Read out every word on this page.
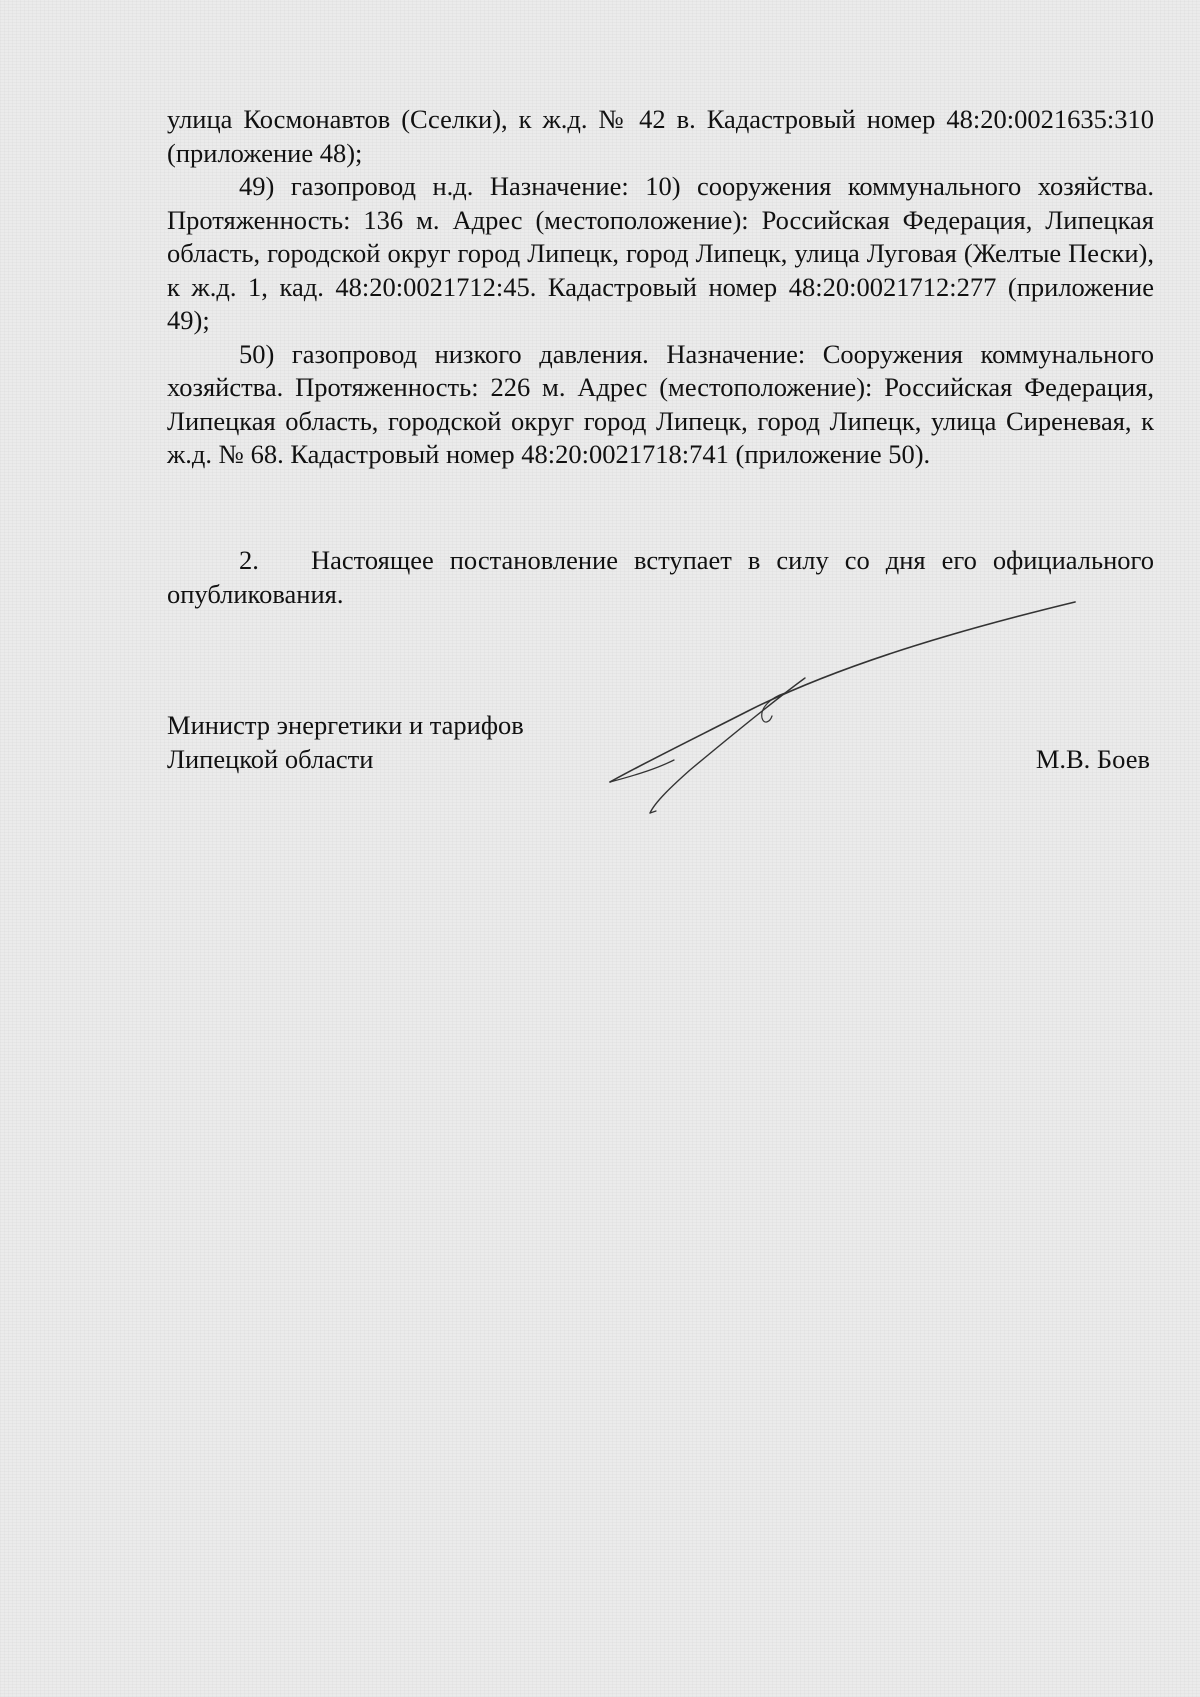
улица Космонавтов (Сселки), к ж.д. № 42 в. Кадастровый номер 48:20:0021635:310 (приложение 48);

49) газопровод н.д. Назначение: 10) сооружения коммунального хозяйства. Протяженность: 136 м. Адрес (местоположение): Российская Федерация, Липецкая область, городской округ город Липецк, город Липецк, улица Луговая (Желтые Пески), к ж.д. 1, кад. 48:20:0021712:45. Кадастровый номер 48:20:0021712:277 (приложение 49);

50) газопровод низкого давления. Назначение: Сооружения коммунального хозяйства. Протяженность: 226 м. Адрес (местоположение): Российская Федерация, Липецкая область, городской округ город Липецк, город Липецк, улица Сиреневая, к ж.д. № 68. Кадастровый номер 48:20:0021718:741 (приложение 50).

2. Настоящее постановление вступает в силу со дня его официального опубликования.

Министр энергетики и тарифов
Липецкой области	М.В. Боев
